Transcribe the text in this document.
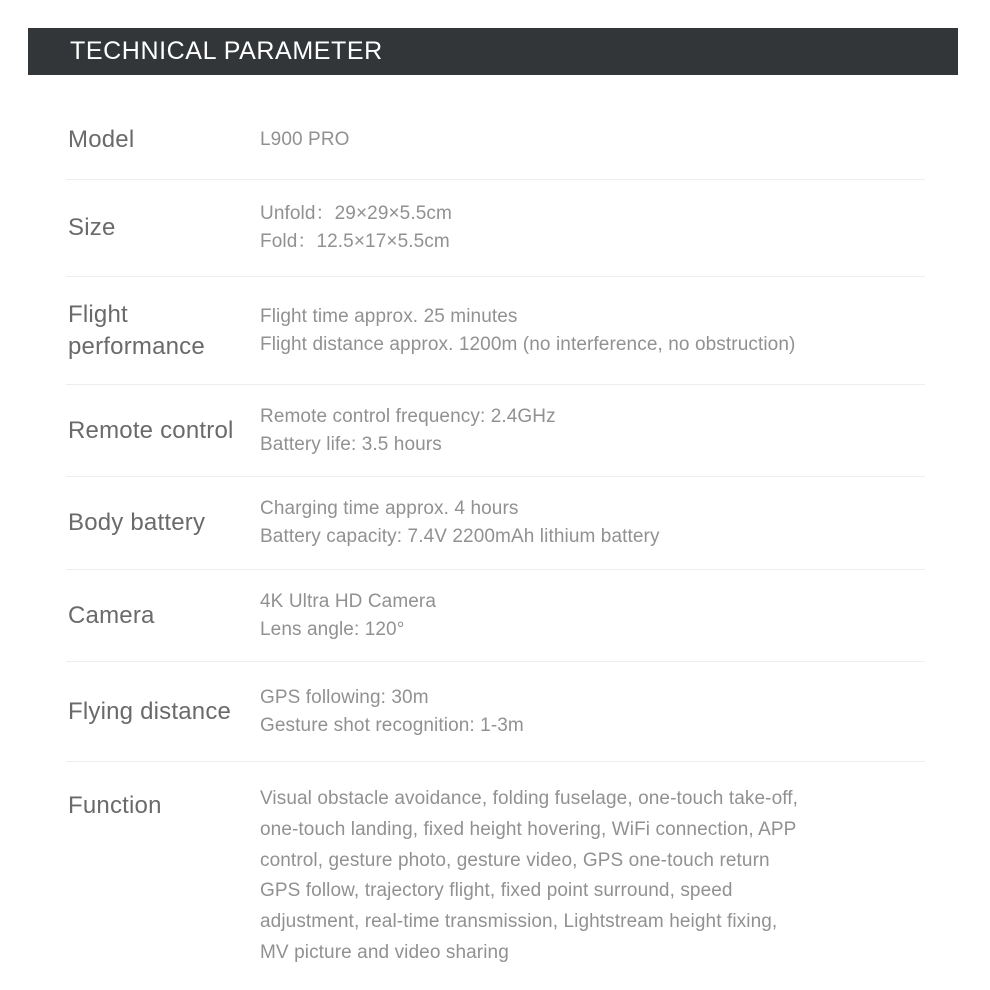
TECHNICAL PARAMETER
Model	L900 PRO
Size
Unfold：29×29×5.5cm
Fold：12.5×17×5.5cm
Flight performance
Flight time approx. 25 minutes
Flight distance approx. 1200m (no interference, no obstruction)
Remote control
Remote control frequency: 2.4GHz
Battery life: 3.5 hours
Body battery
Charging time approx. 4 hours
Battery capacity: 7.4V 2200mAh lithium battery
Camera
4K Ultra HD Camera
Lens angle: 120°
Flying distance
GPS following: 30m
Gesture shot recognition: 1-3m
Function	Visual obstacle avoidance, folding fuselage, one-touch take-off,
one-touch landing, fixed height hovering, WiFi connection, APP
control, gesture photo, gesture video, GPS one-touch return
GPS follow, trajectory flight, fixed point surround, speed
adjustment, real-time transmission, Lightstream height fixing,
MV picture and video sharing
